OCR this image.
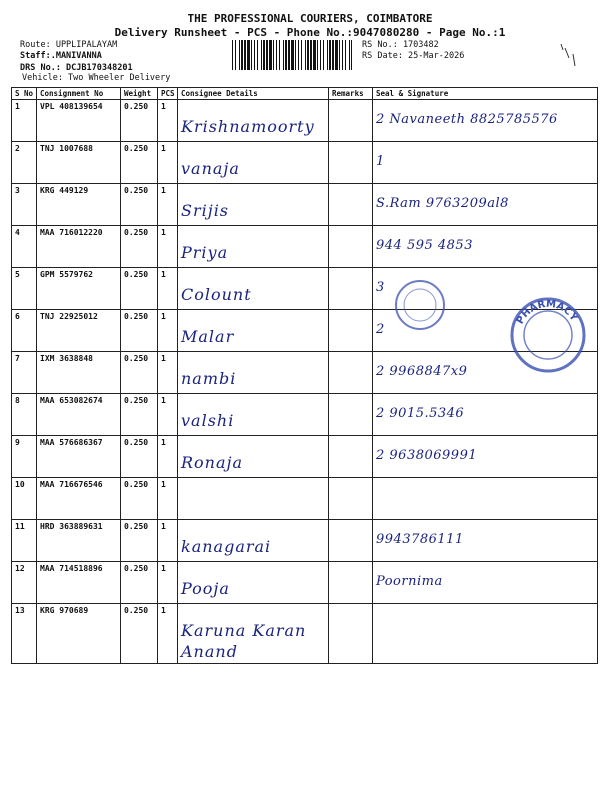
THE PROFESSIONAL COURIERS, COIMBATORE
Delivery Runsheet - PCS - Phone No.:9047080280 - Page No.:1
Route: UPPLIPALAYAM
Staff:.MANIVANNA
DRS No.: DCJB170348201
Vehicle: Two Wheeler Delivery
RS No.: 1703482
RS Date: 25-Mar-2026
S No	Consignment No	Weight	PCS	Consignee Details	Remarks	Seal & Signature
1	VPL 408139654	0.250	1	Krishnamoorty		2 Navaneeth 8825785576

2	TNJ 1007688	0.250	1	vanaja		1

3	KRG 449129	0.250	1	Srijis		S.Ram 9763209al8

4	MAA 716012220	0.250	1	Priya		944 595 4853

5	GPM 5579762	0.250	1	Colount		3

6	TNJ 22925012	0.250	1	Malar		2

7	IXM 3638848	0.250	1	nambi		2 9968847x9

8	MAA 653082674	0.250	1	valshi		2 9015.5346

9	MAA 576686367	0.250	1	Ronaja		2 9638069991

10	MAA 716676546	0.250	1	

11	HRD 363889631	0.250	1	kanagarai		9943786111

12	MAA 714518896	0.250	1	Pooja		Poornima

13	KRG 970689	0.250	1	Karuna Karan
Anand		

PHARMACY
